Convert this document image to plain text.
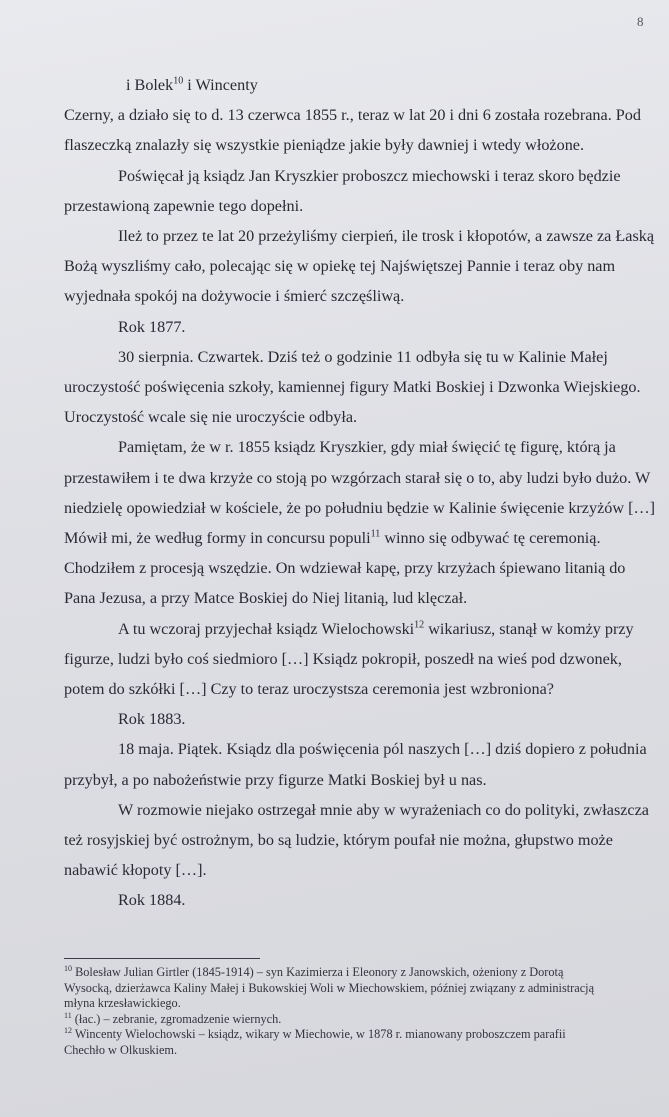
8

i Bolek$^{10}$ i Wincenty

Czerny, a działo się to d. 13 czerwca 1855 r., teraz w lat 20 i dni 6 została rozebrana. Pod

flaszeczką znalazły się wszystkie pieniądze jakie były dawniej i wtedy włożone.

Poświęcał ją ksiądz Jan Kryszkier proboszcz miechowski i teraz skoro będzie

przestawioną zapewnie tego dopełni.

Ileż to przez te lat 20 przeżyliśmy cierpień, ile trosk i kłopotów, a zawsze za Łaską

Bożą wyszliśmy cało, polecając się w opiekę tej Najświętszej Pannie i teraz oby nam

wyjednała spokój na dożywocie i śmierć szczęśliwą.

Rok 1877.

30 sierpnia. Czwartek. Dziś też o godzinie 11 odbyła się tu w Kalinie Małej

uroczystość poświęcenia szkoły, kamiennej figury Matki Boskiej i Dzwonka Wiejskiego.

Uroczystość wcale się nie uroczyście odbyła.

Pamiętam, że w r. 1855 ksiądz Kryszkier, gdy miał święcić tę figurę, którą ja

przestawiłem i te dwa krzyże co stoją po wzgórzach starał się o to, aby ludzi było dużo. W

niedzielę opowiedział w kościele, że po południu będzie w Kalinie święcenie krzyżów […]

Mówił mi, że według formy in concursu populi$^{11}$ winno się odbywać tę ceremonią.

Chodziłem z procesją wszędzie. On wdziewał kapę, przy krzyżach śpiewano litanią do

Pana Jezusa, a przy Matce Boskiej do Niej litanią, lud klęczał.

A tu wczoraj przyjechał ksiądz Wielochowski$^{12}$ wikariusz, stanął w komży przy

figurze, ludzi było coś siedmioro […] Ksiądz pokropił, poszedł na wieś pod dzwonek,

potem do szkółki […] Czy to teraz uroczystsza ceremonia jest wzbroniona?

Rok 1883.

18 maja. Piątek. Ksiądz dla poświęcenia pól naszych […] dziś dopiero z południa

przybył, a po nabożeństwie przy figurze Matki Boskiej był u nas.

W rozmowie niejako ostrzegał mnie aby w wyrażeniach co do polityki, zwłaszcza

też rosyjskiej być ostrożnym, bo są ludzie, którym poufał nie można, głupstwo może

nabawić kłopoty […].

Rok 1884.

$^{10}$ Bolesław Julian Girtler (1845-1914) – syn Kazimierza i Eleonory z Janowskich, ożeniony z Dorotą

Wysocką, dzierżawca Kaliny Małej i Bukowskiej Woli w Miechowskiem, później związany z administracją

młyna krzesławickiego.

$^{11}$ (łac.) – zebranie, zgromadzenie wiernych.

$^{12}$ Wincenty Wielochowski – ksiądz, wikary w Miechowie, w 1878 r. mianowany proboszczem parafii

Chechło w Olkuskiem.
